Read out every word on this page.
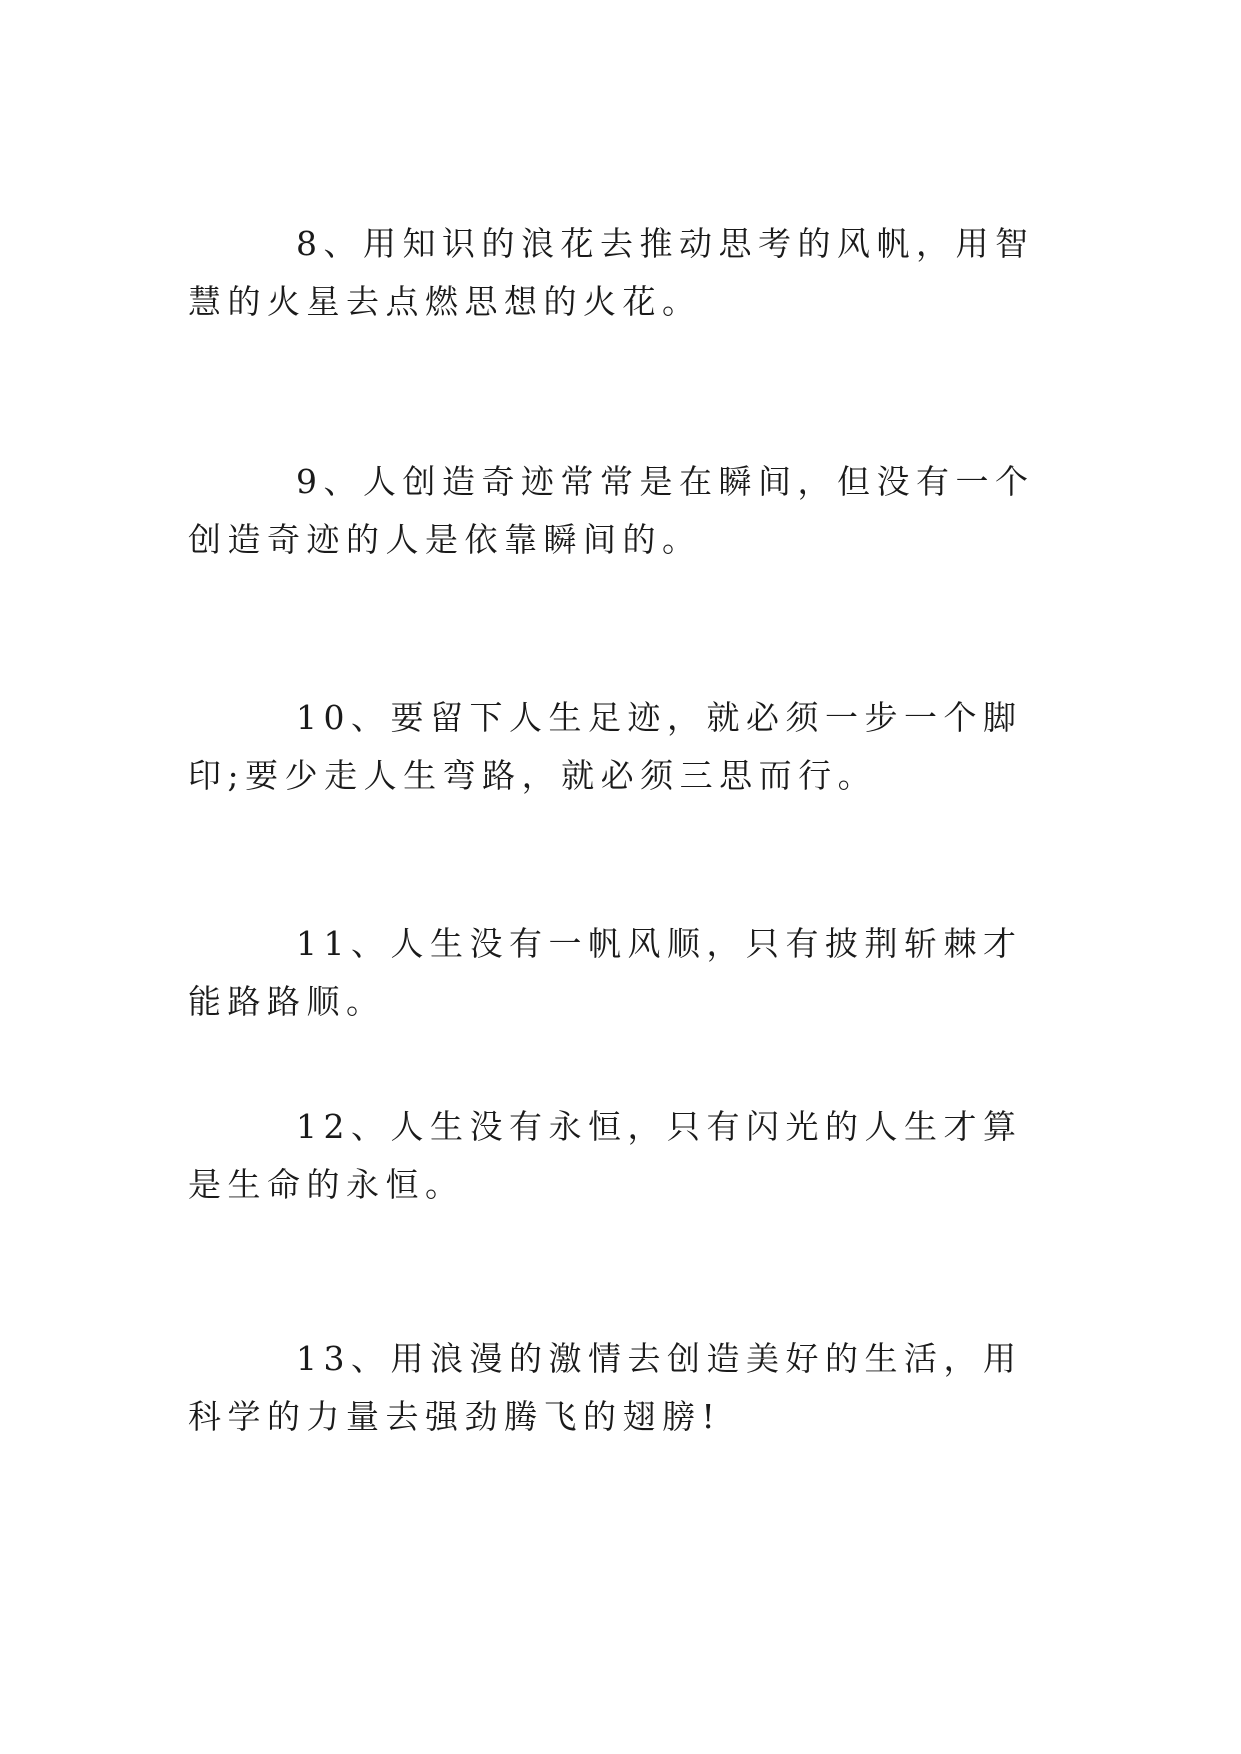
8、用知识的浪花去推动思考的风帆，用智慧的火星去点燃思想的火花。

9、人创造奇迹常常是在瞬间，但没有一个创造奇迹的人是依靠瞬间的。

10、要留下人生足迹，就必须一步一个脚印;要少走人生弯路，就必须三思而行。

11、人生没有一帆风顺，只有披荆斩棘才能路路顺。

12、人生没有永恒，只有闪光的人生才算是生命的永恒。

13、用浪漫的激情去创造美好的生活，用科学的力量去强劲腾飞的翅膀!
